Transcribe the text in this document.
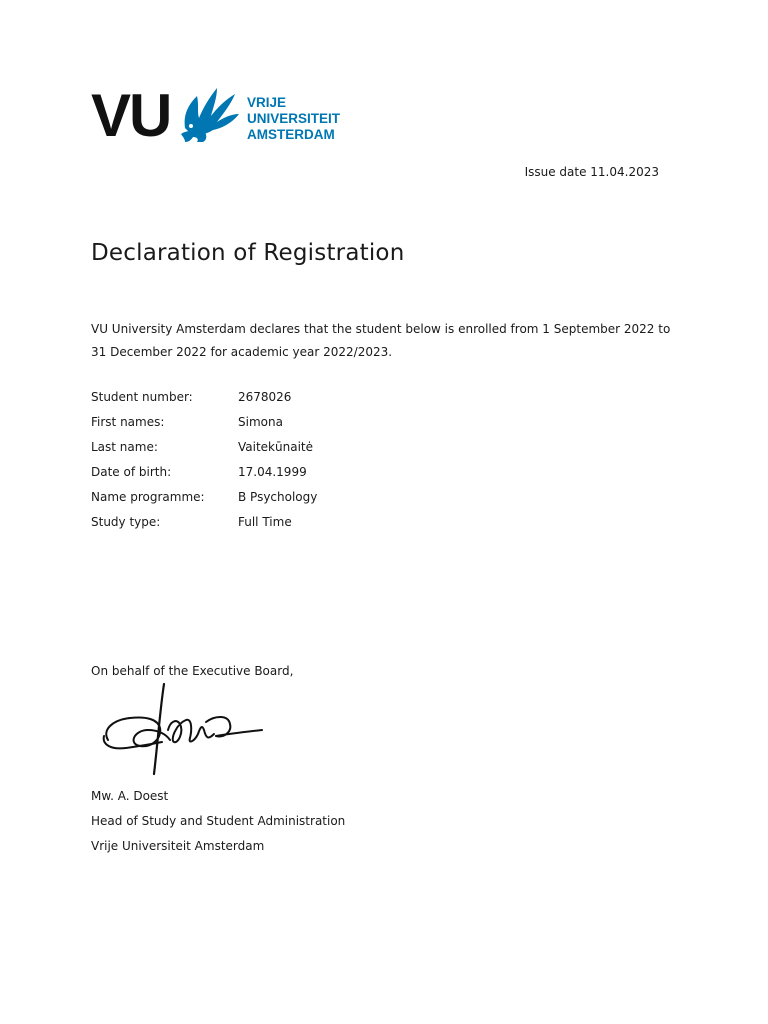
VU	VRIJE
UNIVERSITEIT
AMSTERDAM
Issue date 11.04.2023
Declaration of Registration

VU University Amsterdam declares that the student below is enrolled from 1 September 2022 to 31 December 2022 for academic year 2022/2023.

Student number:	2678026
First names:	Simona
Last name:	Vaitekūnaitė
Date of birth:	17.04.1999
Name programme:	B Psychology
Study type:	Full Time
On behalf of the Executive Board,
Mw. A. Doest
Head of Study and Student Administration
Vrije Universiteit Amsterdam
